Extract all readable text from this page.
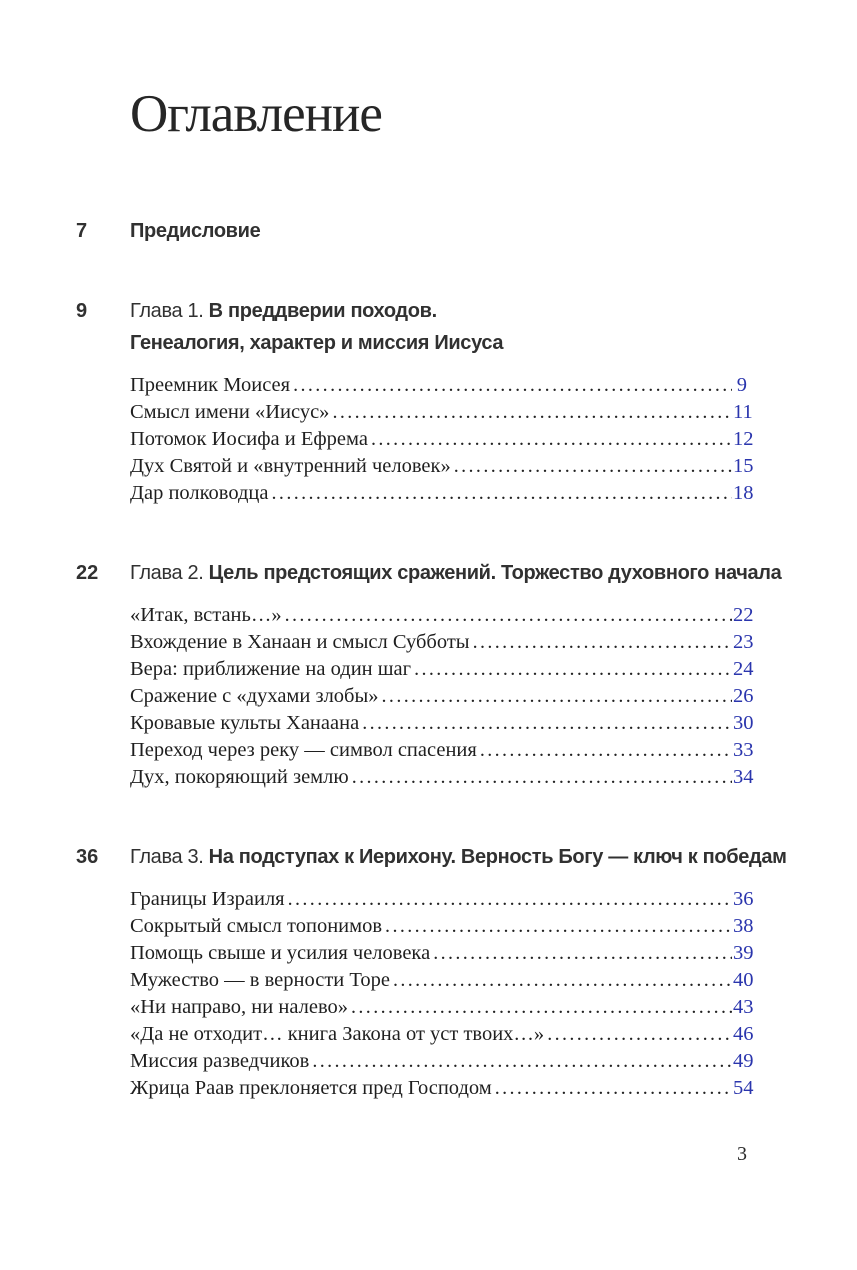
Оглавление
7	Предисловие
9	Глава 1. В преддверии походов.
Генеалогия, характер и миссия Иисуса
Преемник Моисея .....	9
Смысл имени «Иисус» .....	11
Потомок Иосифа и Ефрема .....	12
Дух Святой и «внутренний человек» .....	15
Дар полководца .....	18
22	Глава 2. Цель предстоящих сражений. Торжество духовного начала
«Итак, встань…» .....	22
Вхождение в Ханаан и смысл Субботы .....	23
Вера: приближение на один шаг .....	24
Сражение с «духами злобы» .....	26
Кровавые культы Ханаана .....	30
Переход через реку — символ спасения .....	33
Дух, покоряющий землю .....	34
36	Глава 3. На подступах к Иерихону. Верность Богу — ключ к победам
Границы Израиля .....	36
Сокрытый смысл топонимов .....	38
Помощь свыше и усилия человека .....	39
Мужество — в верности Торе .....	40
«Ни направо, ни налево» .....	43
«Да не отходит… книга Закона от уст твоих…» .....	46
Миссия разведчиков .....	49
Жрица Раав преклоняется пред Господом .....	54
3
